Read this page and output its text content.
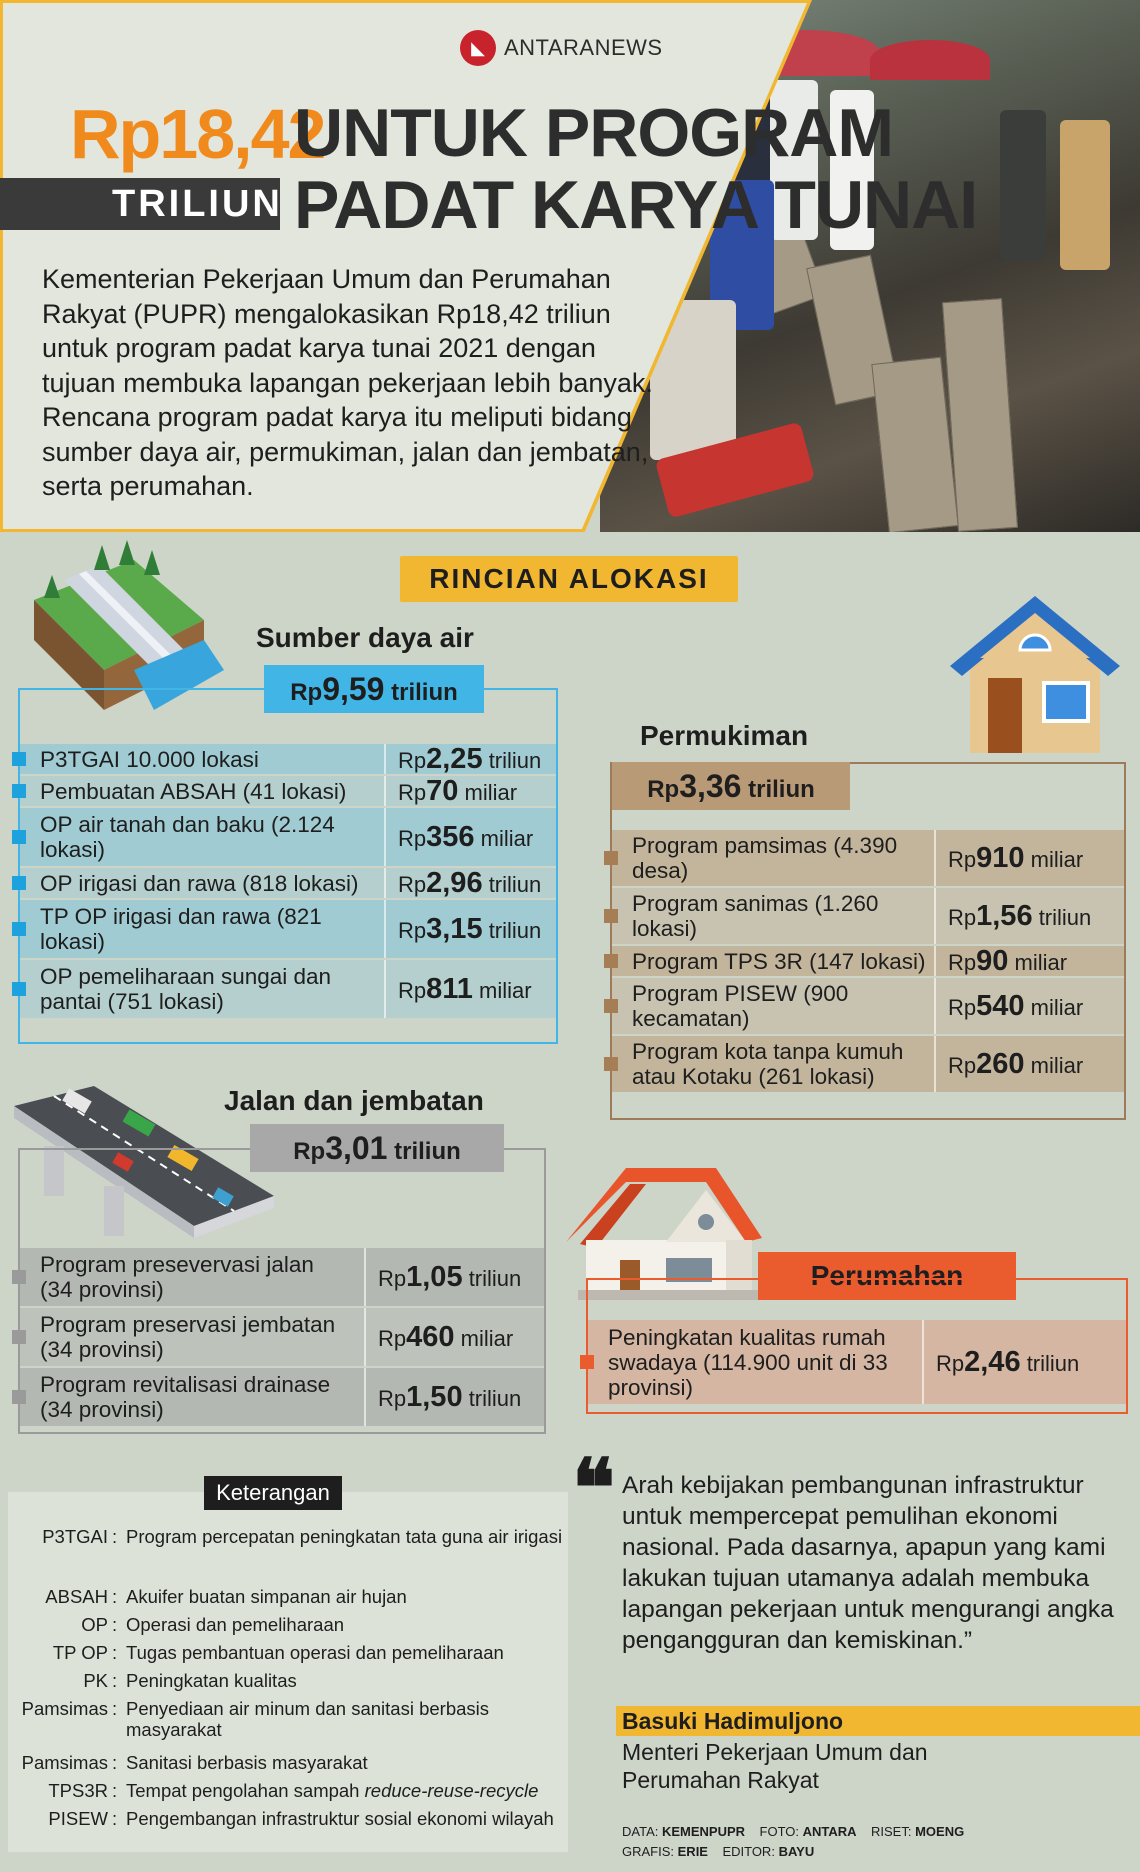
◣ ANTARANEWS
Rp18,42
UNTUK PROGRAM
TRILIUN PADAT KARYA TUNAI

Kementerian Pekerjaan Umum dan Perumahan Rakyat (PUPR) mengalokasikan Rp18,42 triliun untuk program padat karya tunai 2021 dengan tujuan membuka lapangan pekerjaan lebih banyak. Rencana program padat karya itu meliputi bidang sumber daya air, permukiman, jalan dan jembatan, serta perumahan.

RINCIAN ALOKASI
Sumber daya air
Rp9,59 triliun
P3TGAI 10.000 lokasi	Rp2,25 triliun
Pembuatan ABSAH (41 lokasi)	Rp70 miliar
OP air tanah dan baku (2.124 lokasi)	Rp356 miliar
OP irigasi dan rawa (818 lokasi)	Rp2,96 triliun
TP OP irigasi dan rawa (821 lokasi)	Rp3,15 triliun
OP pemeliharaan sungai dan pantai (751 lokasi)	Rp811 miliar
Permukiman
Rp3,36 triliun
Program pamsimas (4.390 desa)	Rp910 miliar
Program sanimas (1.260 lokasi)	Rp1,56 triliun
Program TPS 3R (147 lokasi)	Rp90 miliar
Program PISEW (900 kecamatan)	Rp540 miliar
Program kota tanpa kumuh atau Kotaku (261 lokasi)	Rp260 miliar
Jalan dan jembatan
Rp3,01 triliun
Program presevervasi jalan (34 provinsi)	Rp1,05 triliun
Program preservasi jembatan (34 provinsi)	Rp460 miliar
Program revitalisasi drainase (34 provinsi)	Rp1,50 triliun
Perumahan
Peningkatan kualitas rumah swadaya (114.900 unit di 33 provinsi)
Rp2,46 triliun
Keterangan
P3TGAI : Program percepatan peningkatan tata guna air irigasi
ABSAH : Akuifer buatan simpanan air hujan
OP : Operasi dan pemeliharaan
TP OP : Tugas pembantuan operasi dan pemeliharaan
PK : Peningkatan kualitas
Pamsimas : Penyediaan air minum dan sanitasi berbasis masyarakat
Pamsimas : Sanitasi berbasis masyarakat
TPS3R : Tempat pengolahan sampah reduce-reuse-recycle
PISEW : Pengembangan infrastruktur sosial ekonomi wilayah
❝ Arah kebijakan pembangunan infrastruktur untuk mempercepat pemulihan ekonomi nasional. Pada dasarnya, apapun yang kami lakukan tujuan utamanya adalah membuka lapangan pekerjaan untuk mengurangi angka pengangguran dan kemiskinan.”

Basuki Hadimuljono
Menteri Pekerjaan Umum dan Perumahan Rakyat
DATA: KEMENPUPR FOTO: ANTARA RISET: MOENG
GRAFIS: ERIE EDITOR: BAYU
